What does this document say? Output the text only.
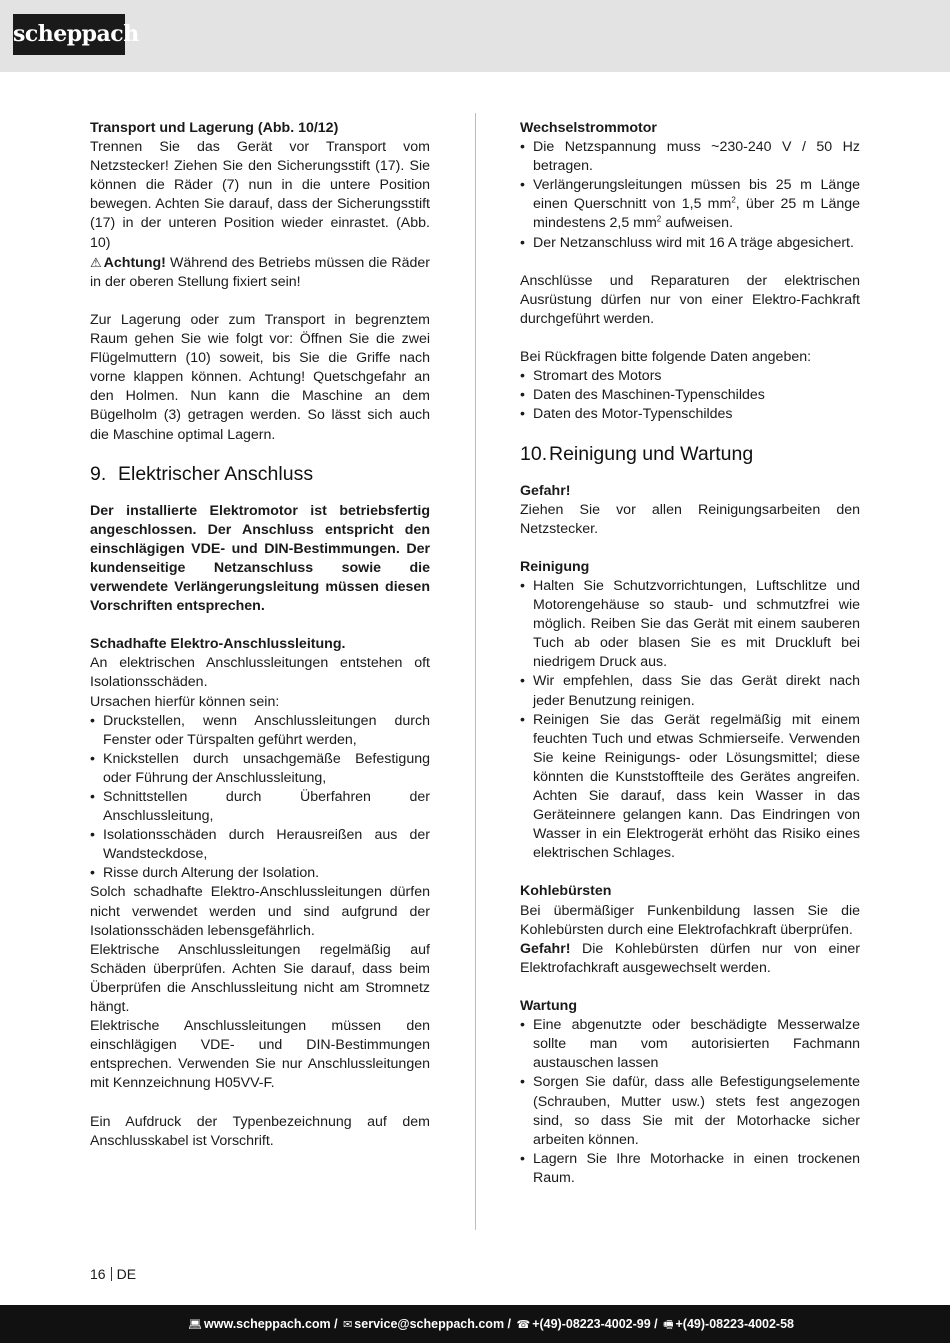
scheppach

Transport und Lagerung (Abb. 10/12)

Trennen Sie das Gerät vor Transport vom Netzstecker! Ziehen Sie den Sicherungsstift (17). Sie können die Räder (7) nun in die untere Position bewegen. Achten Sie darauf, dass der Sicherungsstift (17) in der unteren Position wieder einrastet. (Abb. 10)

⚠ Achtung! Während des Betriebs müssen die Räder in der oberen Stellung fixiert sein!

Zur Lagerung oder zum Transport in begrenztem Raum gehen Sie wie folgt vor: Öffnen Sie die zwei Flügelmuttern (10) soweit, bis Sie die Griffe nach vorne klappen können. Achtung! Quetschgefahr an den Holmen. Nun kann die Maschine an dem Bügelholm (3) getragen werden. So lässt sich auch die Maschine optimal Lagern.

9. Elektrischer Anschluss

Der installierte Elektromotor ist betriebsfertig angeschlossen. Der Anschluss entspricht den einschlägigen VDE- und DIN-Bestimmungen. Der kundenseitige Netzanschluss sowie die verwendete Verlängerungsleitung müssen diesen Vorschriften entsprechen.

Schadhafte Elektro-Anschlussleitung.

An elektrischen Anschlussleitungen entstehen oft Isolationsschäden.

Ursachen hierfür können sein:

• Druckstellen, wenn Anschlussleitungen durch Fenster oder Türspalten geführt werden,
• Knickstellen durch unsachgemäße Befestigung oder Führung der Anschlussleitung,
• Schnittstellen durch Überfahren der Anschlussleitung,
• Isolationsschäden durch Herausreißen aus der Wandsteckdose,
• Risse durch Alterung der Isolation.

Solch schadhafte Elektro-Anschlussleitungen dürfen nicht verwendet werden und sind aufgrund der Isolationsschäden lebensgefährlich.

Elektrische Anschlussleitungen regelmäßig auf Schäden überprüfen. Achten Sie darauf, dass beim Überprüfen die Anschlussleitung nicht am Stromnetz hängt.

Elektrische Anschlussleitungen müssen den einschlägigen VDE- und DIN-Bestimmungen entsprechen. Verwenden Sie nur Anschlussleitungen mit Kennzeichnung H05VV-F.

Ein Aufdruck der Typenbezeichnung auf dem Anschlusskabel ist Vorschrift.

Wechselstrommotor

• Die Netzspannung muss ~230-240 V / 50 Hz betragen.
• Verlängerungsleitungen müssen bis 25 m Länge einen Querschnitt von 1,5 $mm^2$, über 25 m Länge mindestens 2,5 $mm^2$ aufweisen.
• Der Netzanschluss wird mit 16 A träge abgesichert.

Anschlüsse und Reparaturen der elektrischen Ausrüstung dürfen nur von einer Elektro-Fachkraft durchgeführt werden.

Bei Rückfragen bitte folgende Daten angeben:

• Stromart des Motors
• Daten des Maschinen-Typenschildes
• Daten des Motor-Typenschildes
10. Reinigung und Wartung

Gefahr!

Ziehen Sie vor allen Reinigungsarbeiten den Netzstecker.

Reinigung

• Halten Sie Schutzvorrichtungen, Luftschlitze und Motorengehäuse so staub- und schmutzfrei wie möglich. Reiben Sie das Gerät mit einem sauberen Tuch ab oder blasen Sie es mit Druckluft bei niedrigem Druck aus.
• Wir empfehlen, dass Sie das Gerät direkt nach jeder Benutzung reinigen.
• Reinigen Sie das Gerät regelmäßig mit einem feuchten Tuch und etwas Schmierseife. Verwenden Sie keine Reinigungs- oder Lösungsmittel; diese könnten die Kunststoffteile des Gerätes angreifen. Achten Sie darauf, dass kein Wasser in das Geräteinnere gelangen kann. Das Eindringen von Wasser in ein Elektrogerät erhöht das Risiko eines elektrischen Schlages.

Kohlebürsten

Bei übermäßiger Funkenbildung lassen Sie die Kohlebürsten durch eine Elektrofachkraft überprüfen.

Gefahr! Die Kohlebürsten dürfen nur von einer Elektrofachkraft ausgewechselt werden.

Wartung

• Eine abgenutzte oder beschädigte Messerwalze sollte man vom autorisierten Fachmann austauschen lassen
• Sorgen Sie dafür, dass alle Befestigungselemente (Schrauben, Mutter usw.) stets fest angezogen sind, so dass Sie mit der Motorhacke sicher arbeiten können.
• Lagern Sie Ihre Motorhacke in einen trockenen Raum.
16 DE
💻︎ www.scheppach.com / ✉ service@scheppach.com / ☎ +(49)-08223-4002-99 / 🖷︎ +(49)-08223-4002-58
